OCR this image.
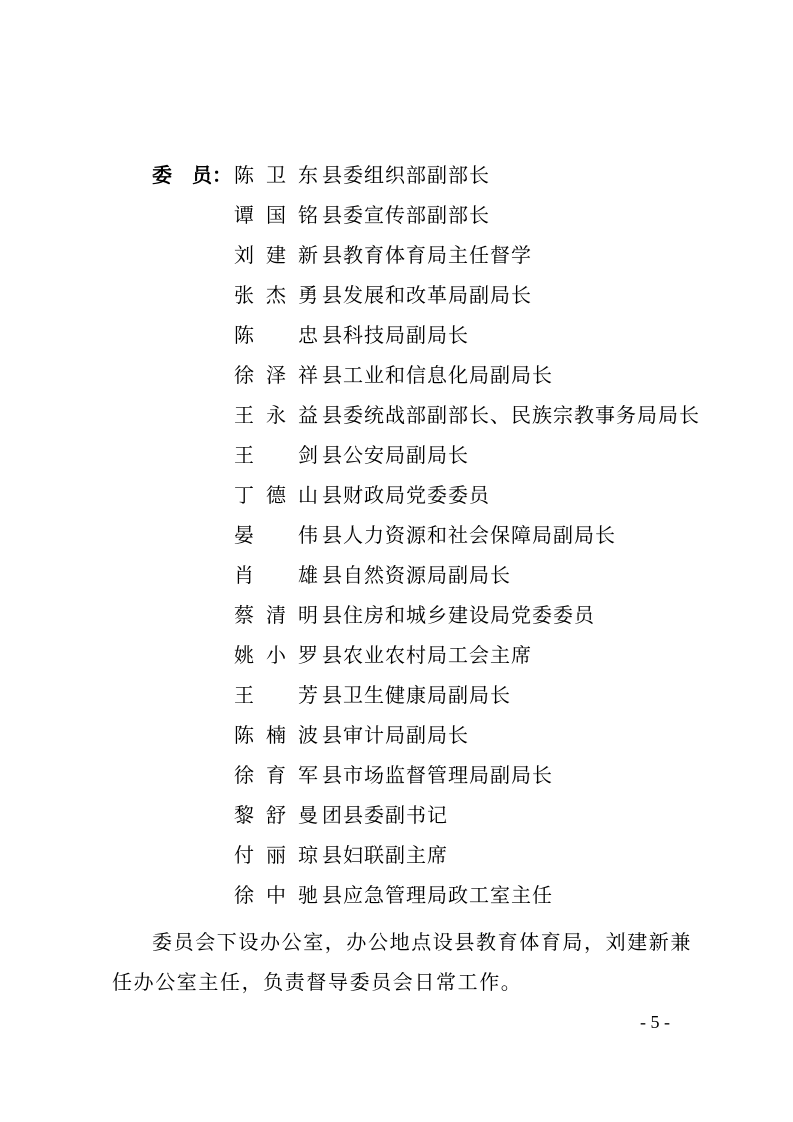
委　员： 陈卫东 县委组织部副部长
谭国铭 县委宣传部副部长
刘建新 县教育体育局主任督学
张杰勇 县发展和改革局副局长
陈　忠 县科技局副局长
徐泽祥 县工业和信息化局副局长
王永益 县委统战部副部长、民族宗教事务局局长
王　剑 县公安局副局长
丁德山 县财政局党委委员
晏　伟 县人力资源和社会保障局副局长
肖　雄 县自然资源局副局长
蔡清明 县住房和城乡建设局党委委员
姚小罗 县农业农村局工会主席
王　芳 县卫生健康局副局长
陈楠波 县审计局副局长
徐育军 县市场监督管理局副局长
黎舒曼 团县委副书记
付丽琼 县妇联副主席
徐中驰 县应急管理局政工室主任
委员会下设办公室，办公地点设县教育体育局，刘建新兼任办公室主任，负责督导委员会日常工作。
- 5 -
